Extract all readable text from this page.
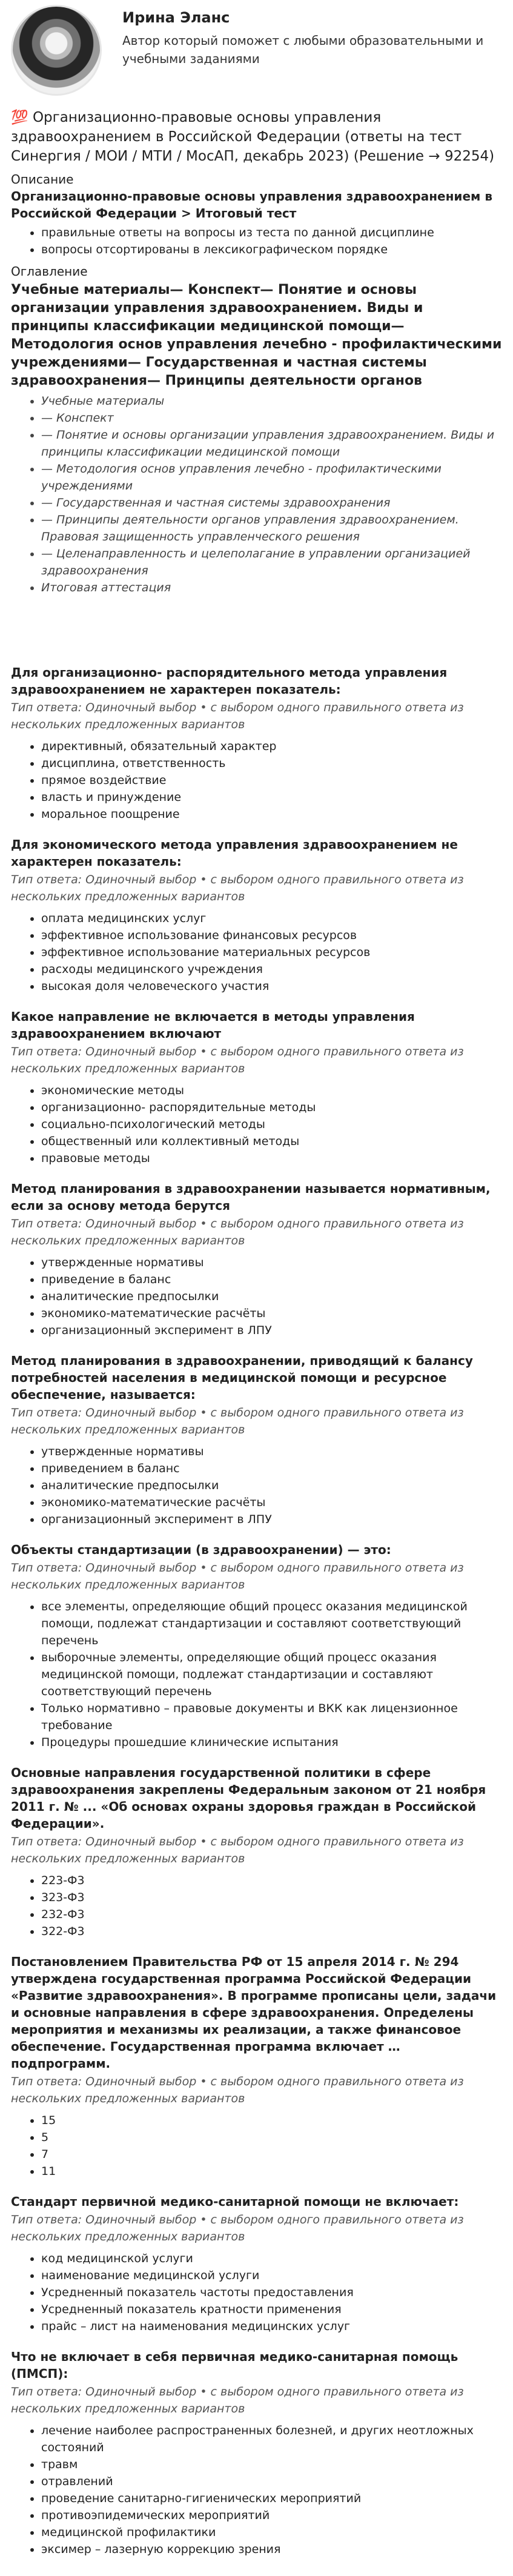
Ирина Эланс
Автор который поможет с любыми образовательными и учебными заданиями
💯 Организационно-правовые основы управления здравоохранением в Российской Федерации (ответы на тест Синергия / МОИ / МТИ / МосАП, декабрь 2023) (Решение → 92254)
Описание
Организационно-правовые основы управления здравоохранением в Российской Федерации > Итоговый тест
• правильные ответы на вопросы из теста по данной дисциплине
• вопросы отсортированы в лексикографическом порядке
Оглавление
Учебные материалы— Конспект— Понятие и основы организации управления здравоохранением. Виды и принципы классификации медицинской помощи— Методология основ управления лечебно - профилактическими учреждениями— Государственная и частная системы здравоохранения— Принципы деятельности органов
• Учебные материалы
• — Конспект
• — Понятие и основы организации управления здравоохранением. Виды и принципы классификации медицинской помощи
• — Методология основ управления лечебно - профилактическими учреждениями
• — Государственная и частная системы здравоохранения
• — Принципы деятельности органов управления здравоохранением. Правовая защищенность управленческого решения
• — Целенаправленность и целеполагание в управлении организацией здравоохранения
• Итоговая аттестация
Для организационно- распорядительного метода управления здравоохранением не характерен показатель:
Тип ответа: Одиночный выбор • с выбором одного правильного ответа из нескольких предложенных вариантов
• директивный, обязательный характер
• дисциплина, ответственность
• прямое воздействие
• власть и принуждение
• моральное поощрение
Для экономического метода управления здравоохранением не характерен показатель:
Тип ответа: Одиночный выбор • с выбором одного правильного ответа из нескольких предложенных вариантов
• оплата медицинских услуг
• эффективное использование финансовых ресурсов
• эффективное использование материальных ресурсов
• расходы медицинского учреждения
• высокая доля человеческого участия
Какое направление не включается в методы управления здравоохранением включают
Тип ответа: Одиночный выбор • с выбором одного правильного ответа из нескольких предложенных вариантов
• экономические методы
• организационно- распорядительные методы
• социально-психологический методы
• общественный или коллективный методы
• правовые методы
Метод планирования в здравоохранении называется нормативным, если за основу метода берутся
Тип ответа: Одиночный выбор • с выбором одного правильного ответа из нескольких предложенных вариантов
• утвержденные нормативы
• приведение в баланс
• аналитические предпосылки
• экономико-математические расчёты
• организационный эксперимент в ЛПУ
Метод планирования в здравоохранении, приводящий к балансу потребностей населения в медицинской помощи и ресурсное обеспечение, называется:
Тип ответа: Одиночный выбор • с выбором одного правильного ответа из нескольких предложенных вариантов
• утвержденные нормативы
• приведением в баланс
• аналитические предпосылки
• экономико-математические расчёты
• организационный эксперимент в ЛПУ
Объекты стандартизации (в здравоохранении) — это:
Тип ответа: Одиночный выбор • с выбором одного правильного ответа из нескольких предложенных вариантов
• все элементы, определяющие общий процесс оказания медицинской помощи, подлежат стандартизации и составляют соответствующий перечень
• выборочные элементы, определяющие общий процесс оказания медицинской помощи, подлежат стандартизации и составляют соответствующий перечень
• Только нормативно – правовые документы и ВКК как лицензионное требование
• Процедуры прошедшие клинические испытания
Основные направления государственной политики в сфере здравоохранения закреплены Федеральным законом от 21 ноября 2011 г. № ... «Об основах охраны здоровья граждан в Российской Федерации».
Тип ответа: Одиночный выбор • с выбором одного правильного ответа из нескольких предложенных вариантов
• 223-Ф3
• 323-Ф3
• 232-Ф3
• 322-Ф3
Постановлением Правительства РФ от 15 апреля 2014 г. № 294 утверждена государственная программа Российской Федерации «Развитие здравоохранения». В программе прописаны цели, задачи и основные направления в сфере здравоохранения. Определены мероприятия и механизмы их реализации, а также финансовое обеспечение. Государственная программа включает … подпрограмм.
Тип ответа: Одиночный выбор • с выбором одного правильного ответа из нескольких предложенных вариантов
• 15
• 5
• 7
• 11
Стандарт первичной медико-санитарной помощи не включает:
Тип ответа: Одиночный выбор • с выбором одного правильного ответа из нескольких предложенных вариантов
• код медицинской услуги
• наименование медицинской услуги
• Усредненный показатель частоты предоставления
• Усредненный показатель кратности применения
• прайс – лист на наименования медицинских услуг
Что не включает в себя первичная медико-санитарная помощь (ПМСП):
Тип ответа: Одиночный выбор • с выбором одного правильного ответа из нескольких предложенных вариантов
• лечение наиболее распространенных болезней, и других неотложных состояний
• травм
• отравлений
• проведение санитарно-гигиенических мероприятий
• противоэпидемических мероприятий
• медицинской профилактики
• эксимер – лазерную коррекцию зрения
